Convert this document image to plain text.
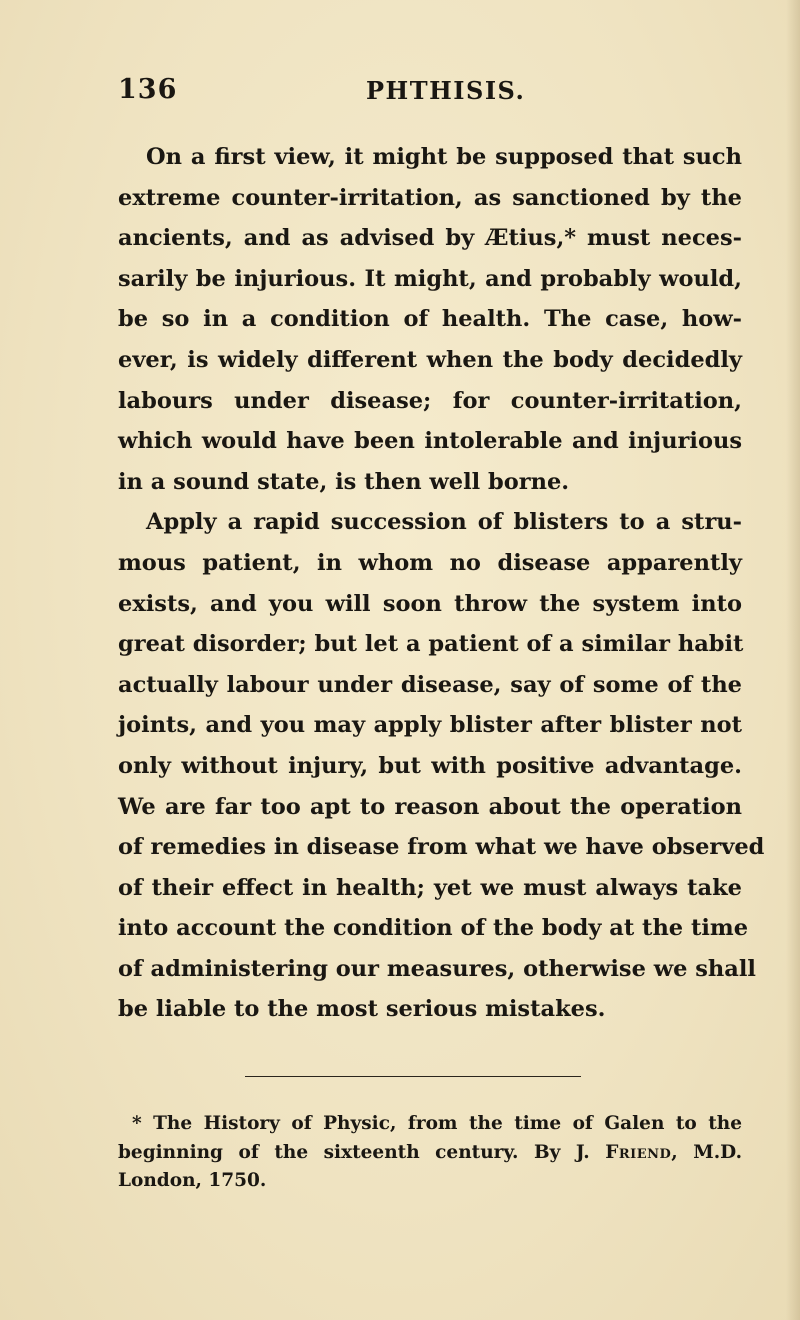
136	PHTHISIS.
On a first view, it might be supposed that such
extreme counter-irritation, as sanctioned by the
ancients, and as advised by Ætius,* must neces-
sarily be injurious. It might, and probably would,
be so in a condition of health. The case, how-
ever, is widely different when the body decidedly
labours under disease; for counter-irritation,
which would have been intolerable and injurious
in a sound state, is then well borne.
Apply a rapid succession of blisters to a stru-
mous patient, in whom no disease apparently
exists, and you will soon throw the system into
great disorder; but let a patient of a similar habit
actually labour under disease, say of some of the
joints, and you may apply blister after blister not
only without injury, but with positive advantage.
We are far too apt to reason about the operation
of remedies in disease from what we have observed
of their effect in health; yet we must always take
into account the condition of the body at the time
of administering our measures, otherwise we shall
be liable to the most serious mistakes.
* The History of Physic, from the time of Galen to the
beginning of the sixteenth century. By J. Friend, M.D.
London, 1750.
